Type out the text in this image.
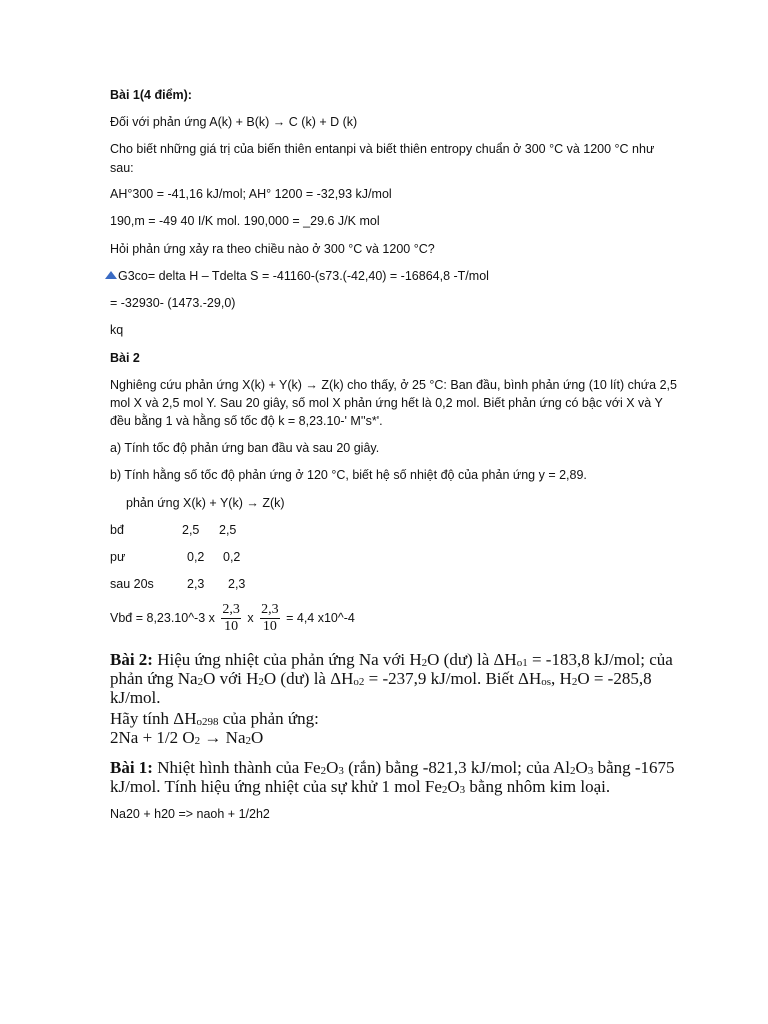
Bài 1(4 điểm):
Đối với phản ứng A(k) + B(k) → C (k) + D (k)
Cho biết những giá trị của biến thiên entanpi và biết thiên entropy chuẩn ở 300 °C và 1200 °C như sau:
AH°300 = -41,16 kJ/mol; AH° 1200 = -32,93 kJ/mol
190,m = -49 40 I/K mol. 190,000 = _29.6 J/K mol
Hỏi phản ứng xảy ra theo chiều nào ở 300 °C và 1200 °C?
G3co= delta H – Tdelta S = -41160-(s73.(-42,40) = -16864,8 -T/mol
= -32930- (1473.-29,0)
kq
Bài 2
Nghiêng cứu phản ứng X(k) + Y(k) → Z(k) cho thấy, ở 25 °C: Ban đầu, bình phản ứng (10 lít) chứa 2,5 mol X và 2,5 mol Y. Sau 20 giây, số mol X phản ứng hết là 0,2 mol. Biết phản ứng có bậc với X và Y đều bằng 1 và hằng số tốc độ k = 8,23.10-' M''s*'.
a) Tính tốc độ phản ứng ban đầu và sau 20 giây.
b) Tính hằng số tốc độ phản ứng ở 120 °C, biết hệ số nhiệt độ của phản ứng y = 2,89.
phản ứng X(k) + Y(k) → Z(k)
bđ	2,5 2,5
pư	0,2 0,2
sau 20s	2,3 2,3
Vbđ = 8,23.10^-3 x $\frac{2,3}{10}$ x $\frac{2,3}{10} = 4,4$ x10^-4
Bài 2: Hiệu ứng nhiệt của phản ứng Na với $H_2O$ (dư) là $\Delta H_{o1} = -183,8$ kJ/mol; của phản ứng $Na_2O$ với $H_2O$ (dư) là $\Delta H_{o2} = -237,9$ kJ/mol. Biết $\Delta H_{os}$, $H_2O = -285,8$ kJ/mol.
Hãy tính $\Delta H_{o298}$ của phản ứng:
2Na + 1/2 $O_2 \to Na_2O$
Bài 1: Nhiệt hình thành của $Fe_2O_3$ (rắn) bằng -821,3 kJ/mol; của $Al_2O_3$ bằng -1675 kJ/mol. Tính hiệu ứng nhiệt của sự khử 1 mol $Fe_2O_3$ bằng nhôm kim loại.
Na20 + h20 => naoh + 1/2h2
